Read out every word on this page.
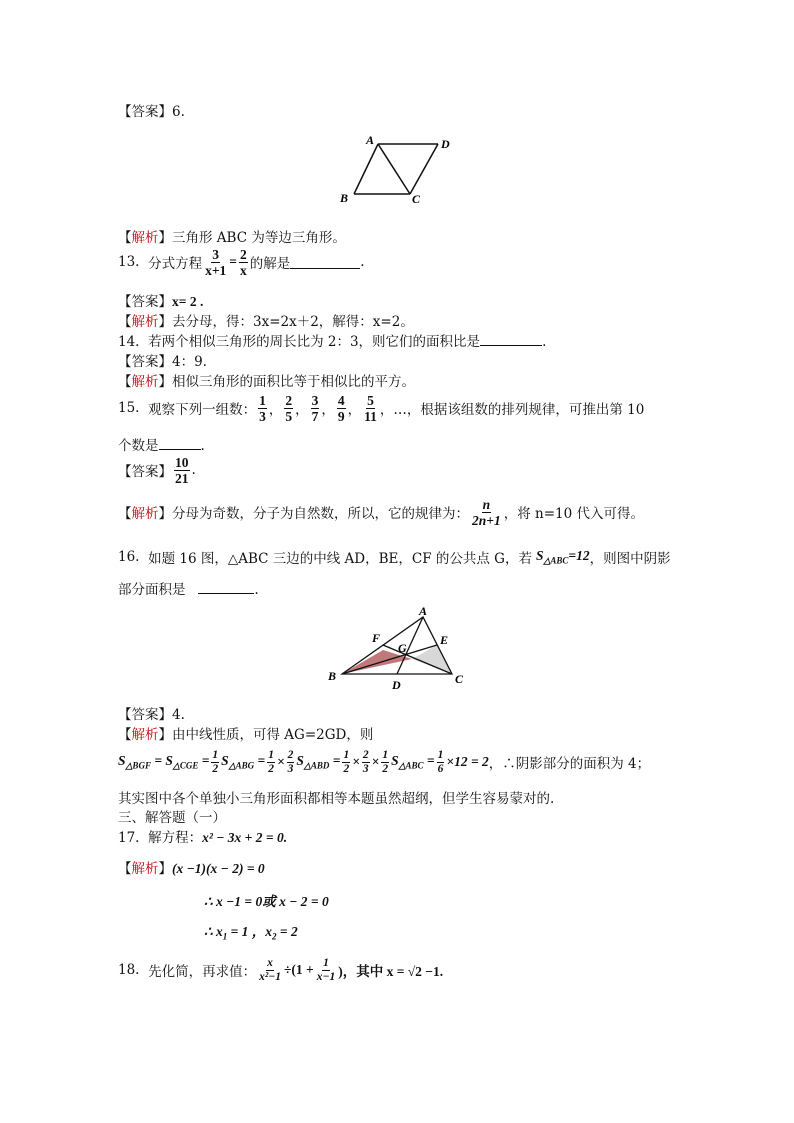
【答案】6.
A	D
B	C
【解析】三角形 ABC 为等边三角形。
13.
分式方程 $\frac{3}{x+1} = \frac{2}{x}$ 的解是	.
【答案】x= 2 .
【解析】去分母，得：3x=2x＋2，解得：x=2。
14. 若两个相似三角形的周长比为 2：3，则它们的面积比是	.
【答案】4：9.
【解析】相似三角形的面积比等于相似比的平方。
15.
观察下列一组数：
1
3 ，
2
5 ，
3
7 ，
4
9 ，
5
11 ， …，根据该组数的排列规律，可推出第 10
个数是	.
【答案】
10
21 .
【 解析 】 分母为奇数，分子为自然数，所以，它的规律为：
n
2n+1 ，将 n=10 代入可得。
16.
如题 16 图，△ABC 三边的中线 AD，BE，CF 的公共点 G，若 $S_{\triangle ABC}=12$ ，则图中阴影
部分面积是	.
A
F	E
G
B
D	C
【答案】4.
【解析】由中线性质，可得 AG=2GD，则
$S_{\triangle BGF} = S_{\triangle CGE} = \frac{1}{2} S_{\triangle ABG} = \frac{1}{2} \times \frac{2}{3} S_{\triangle ABD} = \frac{1}{2} \times \frac{2}{3} \times \frac{1}{2} S_{\triangle ABC} = \frac{1}{6} \times 12 = 2$ ，∴阴影部分的面积为 4；
其实图中各个单独小三角形面积都相等本题虽然超纲，但学生容易蒙对的.
三、解答题（一）
17. 解方程：x² − 3x + 2 = 0.
【解析】(x −1)(x − 2) = 0
∴ x −1 = 0或 x − 2 = 0
∴ $x_1 = 1$ ，$x_2 = 2$
18.
先化简，再求值： $\frac{x}{\text{x²−1}} \div(1 + \frac{1}{x-1}$ )，其中 x = √2 −1.
